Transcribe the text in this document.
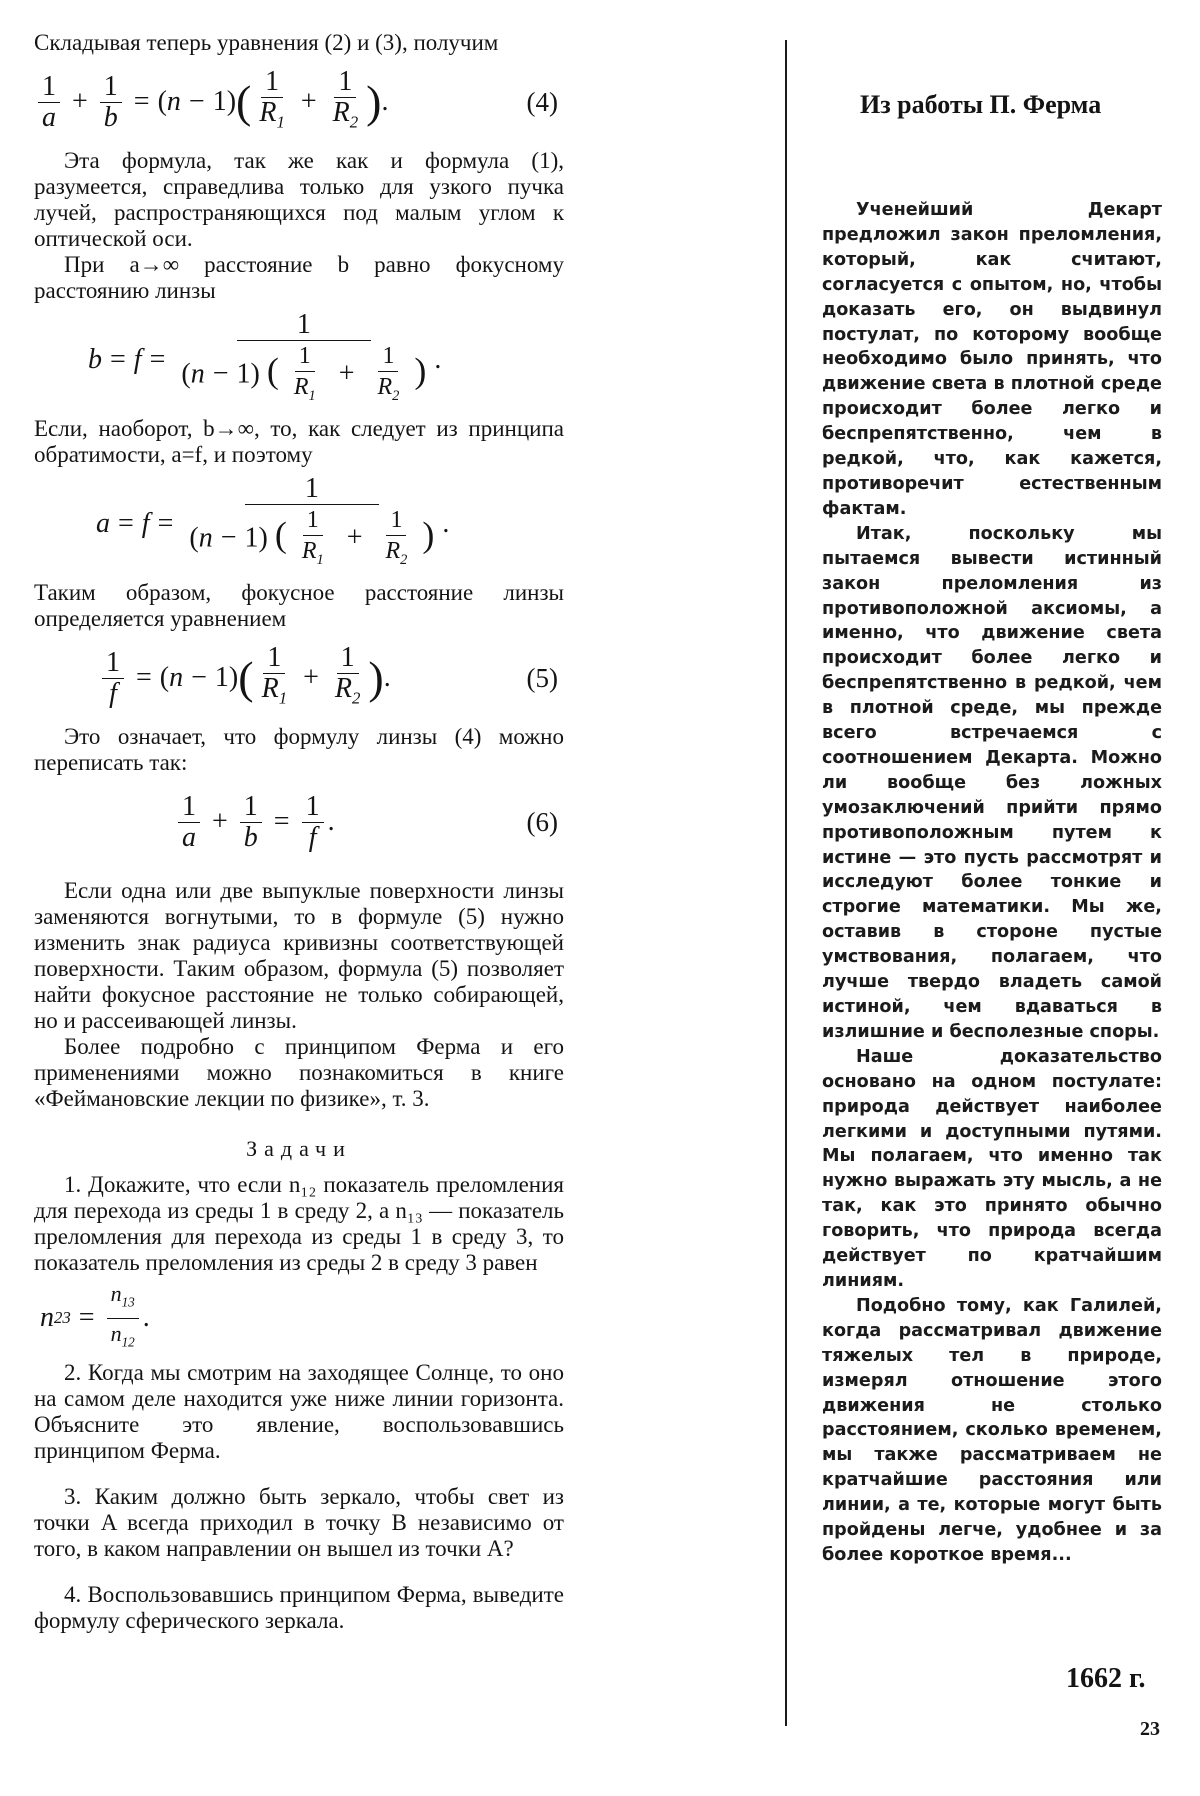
Складывая теперь уравнения (2) и (3), получим

$\frac{1}{a} + \frac{1}{b}$ = ( n − 1) ( $\frac{1}{R_1} + \frac{1}{R_2}$ ) .	(4)

Эта формула, так же как и формула (1), разумеется, справедлива только для узкого пучка лучей, распространяющихся под малым углом к оптической оси.

При a→∞ расстояние b равно фокусному расстоянию линзы

b = f =
1
(n − 1) ( $\frac{1}{R_1} + \frac{1}{R_2}$ ) .

Если, наоборот, b→∞, то, как следует из принципа обратимости, a=f, и поэтому

a = f =
1
(n − 1) ( $\frac{1}{R_1} + \frac{1}{R_2}$ ) .

Таким образом, фокусное расстояние линзы определяется уравнением

$\frac{1}{f}$ = ( n − 1) ( $\frac{1}{R_1} + \frac{1}{R_2}$ ) .	(5)

Это означает, что формулу линзы (4) можно переписать так:

$\frac{1}{a} + \frac{1}{b} = \frac{1}{f}$ .	(6)

Если одна или две выпуклые поверхности линзы заменяются вогнутыми, то в формуле (5) нужно изменить знак радиуса кривизны соответствующей поверхности. Таким образом, формула (5) позволяет найти фокусное расстояние не только собирающей, но и рассеивающей линзы.

Более подробно с принципом Ферма и его применениями можно познакомиться в книге «Феймановские лекции по физике», т. 3.

Задачи

1. Докажите, что если n₁₂ показатель преломления для перехода из среды 1 в среду 2, а n₁₃ — показатель преломления для перехода из среды 1 в среду 3, то показатель преломления из среды 2 в среду 3 равен

n $23 = \frac{n_{13}}{n_{12}}$ .

2. Когда мы смотрим на заходящее Солнце, то оно на самом деле находится уже ниже линии горизонта. Объясните это явление, воспользовавшись принципом Ферма.

3. Каким должно быть зеркало, чтобы свет из точки A всегда приходил в точку B независимо от того, в каком направлении он вышел из точки A?

4. Воспользовавшись принципом Ферма, выведите формулу сферического зеркала.

Из работы П. Ферма

Ученейший Декарт предложил закон преломления, который, как считают, согласуется с опытом, но, чтобы доказать его, он выдвинул постулат, по которому вообще необходимо было принять, что движение света в плотной среде происходит более легко и беспрепятственно, чем в редкой, что, как кажется, противоречит естественным фактам.

Итак, поскольку мы пытаемся вывести истинный закон преломления из противоположной аксиомы, а именно, что движение света происходит более легко и беспрепятственно в редкой, чем в плотной среде, мы прежде всего встречаемся с соотношением Декарта. Можно ли вообще без ложных умозаключений прийти прямо противоположным путем к истине — это пусть рассмотрят и исследуют более тонкие и строгие математики. Мы же, оставив в стороне пустые умствования, полагаем, что лучше твердо владеть самой истиной, чем вдаваться в излишние и бесполезные споры.

Наше доказательство основано на одном постулате: природа действует наиболее легкими и доступными путями. Мы полагаем, что именно так нужно выражать эту мысль, а не так, как это принято обычно говорить, что природа всегда действует по кратчайшим линиям.

Подобно тому, как Галилей, когда рассматривал движение тяжелых тел в природе, измерял отношение этого движения не столько расстоянием, сколько временем, мы также рассматриваем не кратчайшие расстояния или линии, а те, которые могут быть пройдены легче, удобнее и за более короткое время...

1662 г.
23
